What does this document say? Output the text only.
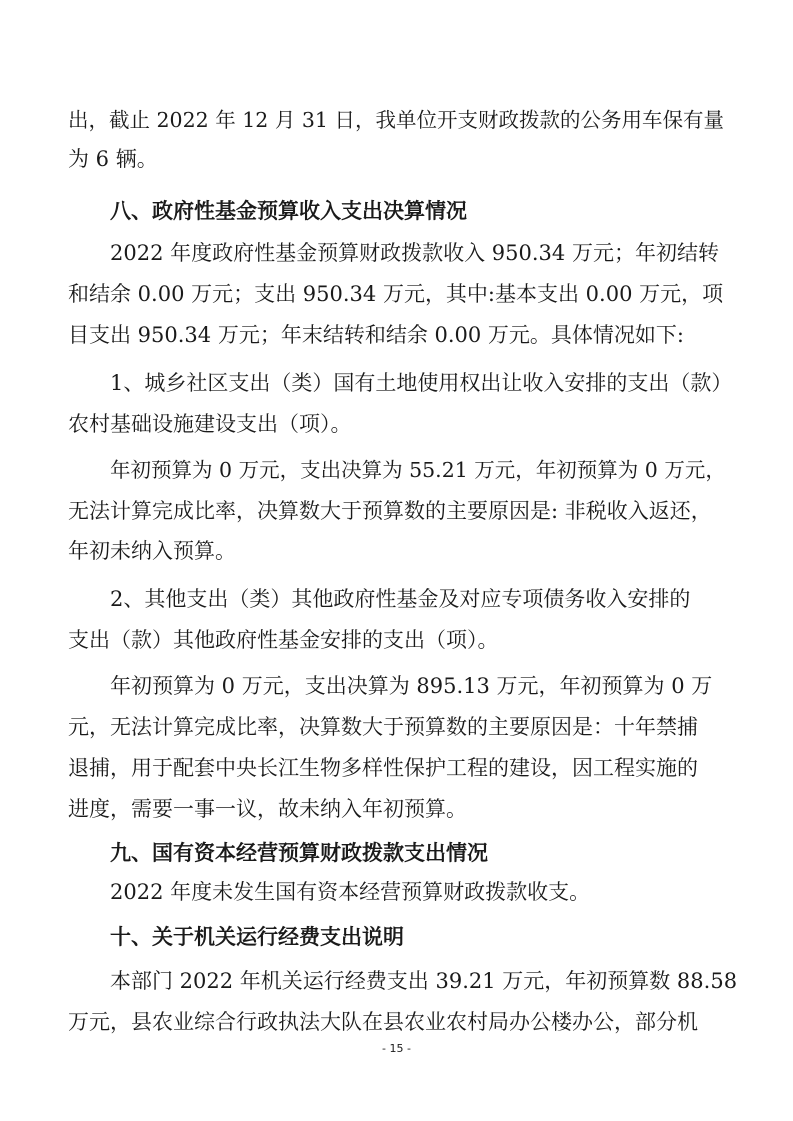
出，截止 2022 年 12 月 31 日，我单位开支财政拨款的公务用车保有量
为 6 辆。
八、政府性基金预算收入支出决算情况
2022 年度政府性基金预算财政拨款收入 950.34 万元；年初结转
和结余 0.00 万元；支出 950.34 万元，其中:基本支出 0.00 万元，项
目支出 950.34 万元；年末结转和结余 0.00 万元。具体情况如下:
1、城乡社区支出（类）国有土地使用权出让收入安排的支出（款）
农村基础设施建设支出（项）。
年初预算为 0 万元，支出决算为 55.21 万元，年初预算为 0 万元，
无法计算完成比率，决算数大于预算数的主要原因是: 非税收入返还，
年初未纳入预算。
2、其他支出（类）其他政府性基金及对应专项债务收入安排的
支出（款）其他政府性基金安排的支出（项）。
年初预算为 0 万元，支出决算为 895.13 万元，年初预算为 0 万
元，无法计算完成比率，决算数大于预算数的主要原因是：十年禁捕
退捕，用于配套中央长江生物多样性保护工程的建设，因工程实施的
进度，需要一事一议，故未纳入年初预算。
九、国有资本经营预算财政拨款支出情况
2022 年度未发生国有资本经营预算财政拨款收支。
十、关于机关运行经费支出说明
本部门 2022 年机关运行经费支出 39.21 万元，年初预算数 88.58
万元，县农业综合行政执法大队在县农业农村局办公楼办公，部分机
- 15 -
